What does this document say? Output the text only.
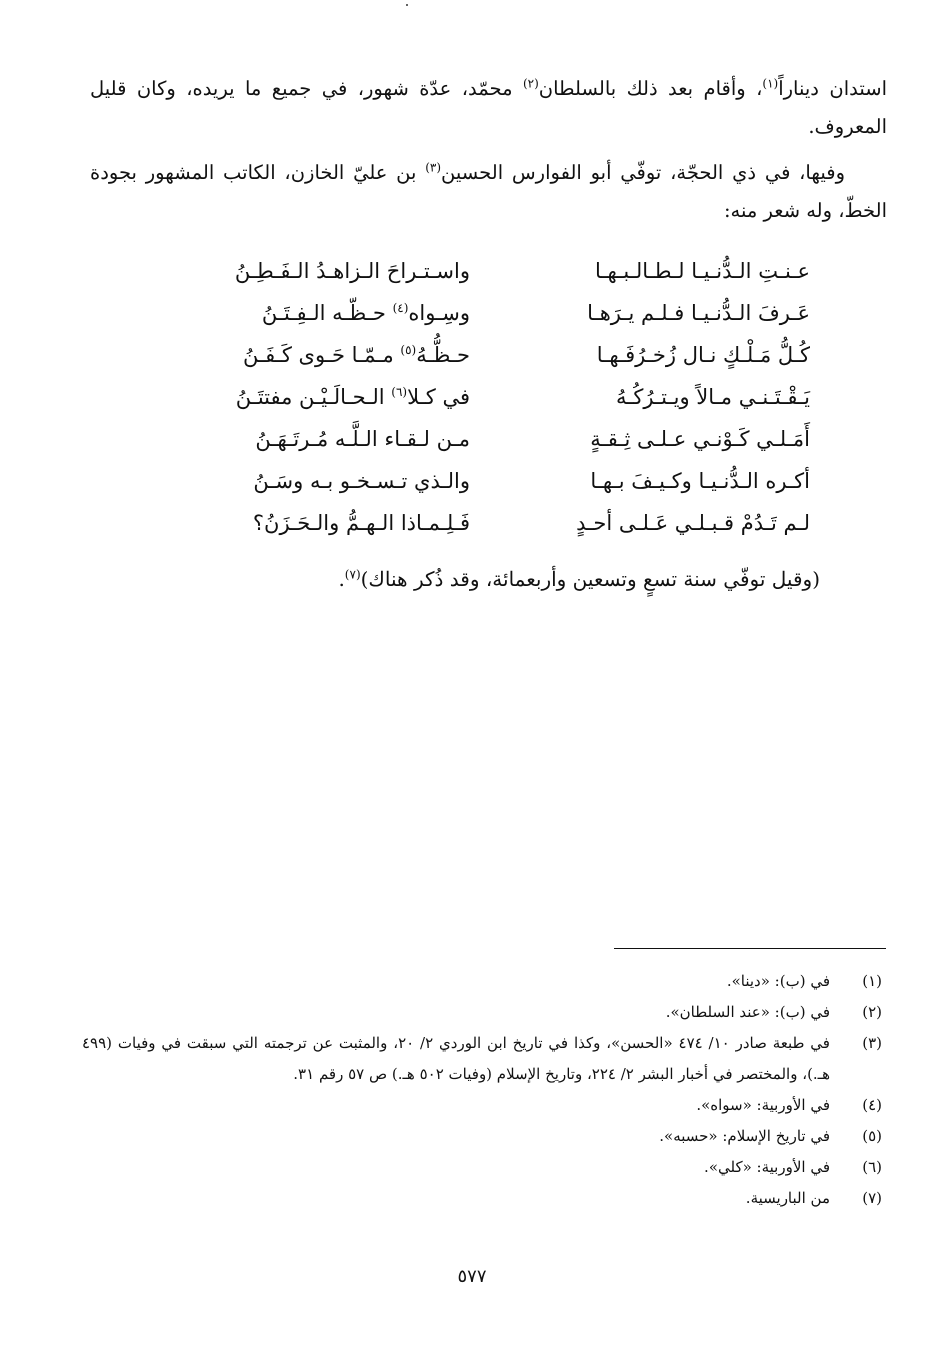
استدان ديناراً$^{(١)}$، وأقام بعد ذلك بالسلطان$^{(٢)}$ محمّد، عدّة شهور، في جميع ما يريده، وكان قليل المعروف.

وفيها، في ذي الحجّة، توفّي أبو الفوارس الحسين$^{(٣)}$ بن عليّ الخازن، الكاتب المشهور بجودة الخطّ، وله شعر منه:

عـنـتِ الـدُّنـيـا لـطـالـبـهـا
واسـتـراحَ الـزاهـدُ الـفَـطِـنُ
عَـرفَ الـدُّنـيـا فـلـم يـرَهـا
وسِـواه$^{(٤)}$ حـظّـه الـفِـتَـنُ
كُـلُّ مَـلْـكٍ نـال زُخـرُفَـهـا
حـظُّـهُ$^{(٥)}$ مـمّـا حَـوى كَـفَـنُ
يَـقْـتَـنـي مـالاً ويـتـرُكُـهُ
في كـلا$^{(٦)}$ الـحـالَـيْـن مفتتَـنُ
أَمَـلـي كَـوْنـي عـلـى ثِـقـةٍ
مـن لـقـاء الـلَّـه مُـرتَـهَـنُ
أكـره الـدُّنـيـا وكـيـفَ بـهـا
والـذي تـسـخـو بـه وسَـنُ
لـم تَـدُمْ قـبـلـي عَـلـى أحـدٍ
فَـلِـمـاذا الـهـمُّ والـحَـزَنُ؟
(وقيل توفّي سنة تسعٍ وتسعين وأربعمائة، وقد ذُكر هناك)$^{(٧)}$.
(١)
في (ب): «دينا».
(٢)
في (ب): «عند السلطان».
(٣)
في طبعة صادر ١٠/ ٤٧٤ «الحسن»، وكذا في تاريخ ابن الوردي ٢/ ٢٠، والمثبت عن ترجمته التي سبقت في وفيات (٤٩٩ هـ.)، والمختصر في أخبار البشر ٢/ ٢٢٤، وتاريخ الإسلام (وفيات ٥٠٢ هـ.) ص ٥٧ رقم ٣١.
(٤)
في الأوربية: «سواه».
(٥)
في تاريخ الإسلام: «حسبه».
(٦)
في الأوربية: «كلي».
(٧)
من الباريسية.
٥٧٧
